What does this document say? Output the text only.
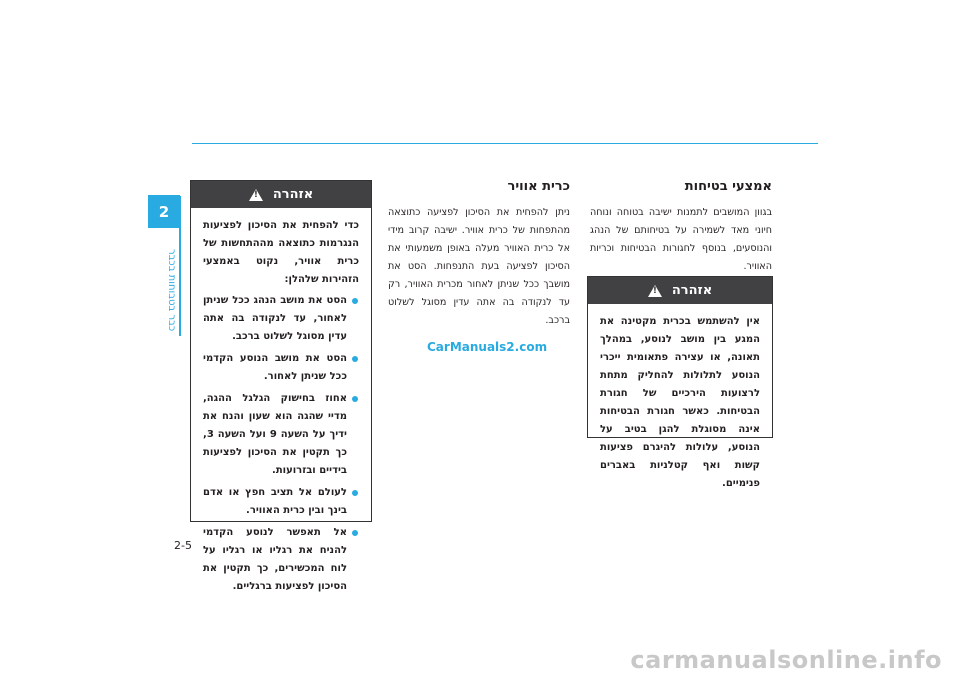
2
כבר בטבוחות בכבר
אזהרה
!

כדי להפחית את הסיכון לפציעות הנגרמות כתוצאה מההתחשות של כרית אוויר, נקוט באמצעי הזהירות שלהלן:

הסט את מושב הנהג ככל שניתן לאחור, עד לנקודה בה אתה עדין מסוגל לשלוט ברכב.
הסט את מושב הנוסע הקדמי ככל שניתן לאחור.
אחוז בחישוק הגלגל ההגה, מדיי שהגה הוא שעון והנח את ידיך על השעה 9 ועל השעה 3, כך תקטין את הסיכון לפציעות בידיים ובזרועות.
לעולם אל תציב חפץ או אדם בינך ובין כרית האוויר.
אל תאפשר לנוסע הקדמי להניח את רגליו או רגליו על לוח המכשירים, כך תקטין את הסיכון לפציעות ברגליים.
כרית אוויר

ניתן להפחית את הסיכון לפציעה כתוצאה מהתפחות של כרית אוויר. ישיבה קרוב מידי אל כרית האוויר מעלה באופן משמעותי את הסיכון לפציעה בעת התנפחות. הסט את מושבך ככל שניתן לאחור מכרית האוויר, רק עד לנקודה בה אתה עדין מסוגל לשלוט ברכב.

CarManuals2.com
אמצעי בטיחות

בגוון המושבים לתמנות ישיבה בטוחה ונוחה חיוני מאד לשמירה על בטיחותם של הנהג והנוסעים, בנוסף לחגורות הבטיחות וכריות האוויר.

אזהרה
!

אין להשתמש בכרית מקטינה את המגע בין מושב לנוסע, במהלך תאונה, או עצירה פתאומית ייכרי הנוסע לתלולות להחליק מתחת לרצועות הירכיים של חגורת הבטיחות. כאשר חגורת הבטיחות אינה מסוגלת להגן בטיב על הנוסע, עלולות להיגרם פציעות קשות ואף קטלניות באברים פנימיים.

2-5
carmanualsonline.info
